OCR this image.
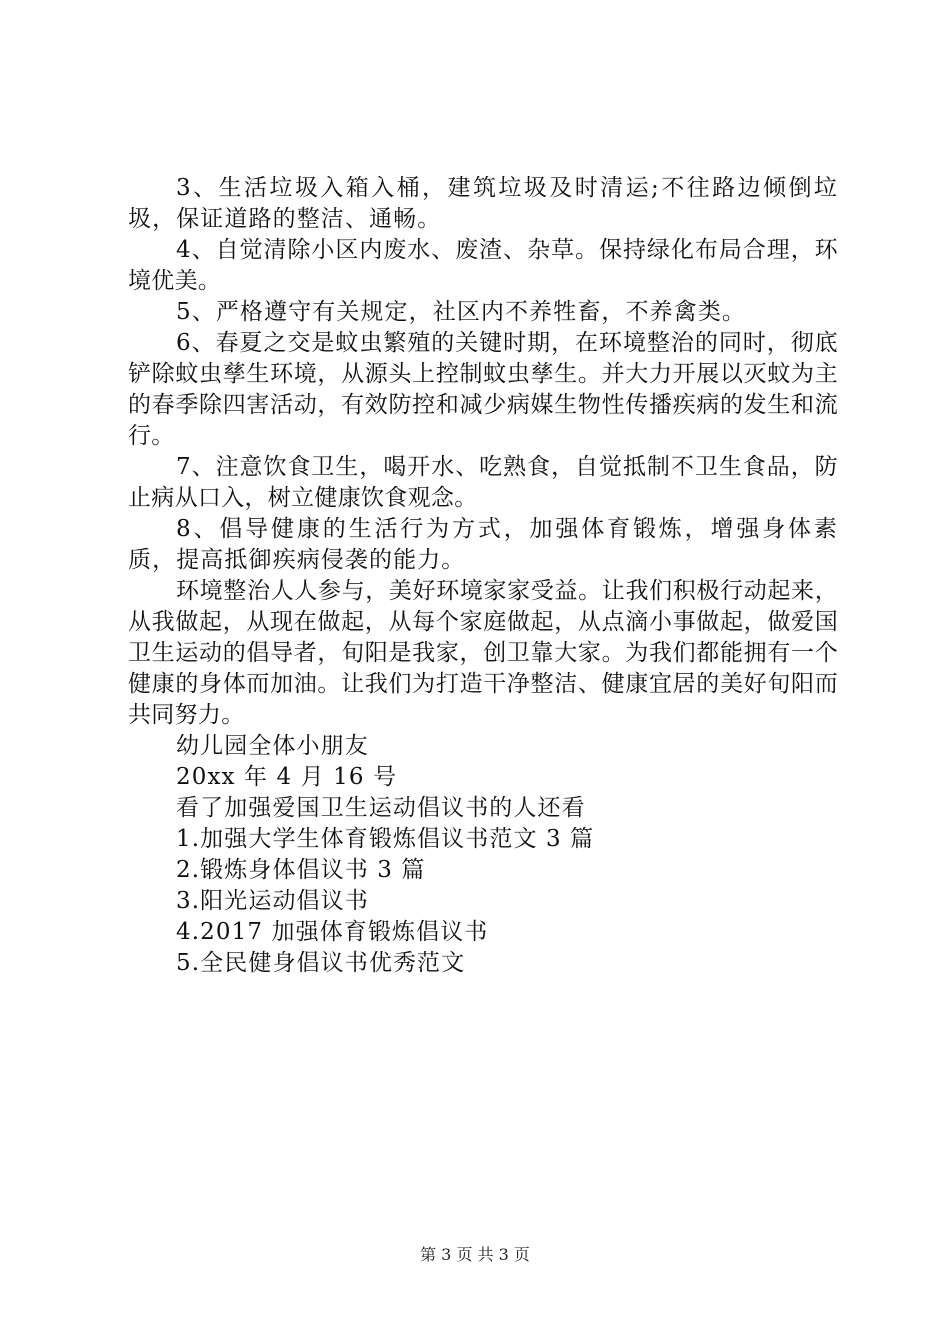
3、生活垃圾入箱入桶，建筑垃圾及时清运;不往路边倾倒垃圾，保证道路的整洁、通畅。

4、自觉清除小区内废水、废渣、杂草。保持绿化布局合理，环境优美。

5、严格遵守有关规定，社区内不养牲畜，不养禽类。

6、春夏之交是蚊虫繁殖的关键时期，在环境整治的同时，彻底铲除蚊虫孳生环境，从源头上控制蚊虫孳生。并大力开展以灭蚊为主的春季除四害活动，有效防控和减少病媒生物性传播疾病的发生和流行。

7、注意饮食卫生，喝开水、吃熟食，自觉抵制不卫生食品，防止病从口入，树立健康饮食观念。

8、倡导健康的生活行为方式，加强体育锻炼，增强身体素质，提高抵御疾病侵袭的能力。

环境整治人人参与，美好环境家家受益。让我们积极行动起来，从我做起，从现在做起，从每个家庭做起，从点滴小事做起，做爱国卫生运动的倡导者，旬阳是我家，创卫靠大家。为我们都能拥有一个健康的身体而加油。让我们为打造干净整洁、健康宜居的美好旬阳而共同努力。

幼儿园全体小朋友
20xx 年 4 月 16 号
看了加强爱国卫生运动倡议书的人还看
1.加强大学生体育锻炼倡议书范文 3 篇
2.锻炼身体倡议书 3 篇
3.阳光运动倡议书
4.2017 加强体育锻炼倡议书
5.全民健身倡议书优秀范文
第 3 页 共 3 页
